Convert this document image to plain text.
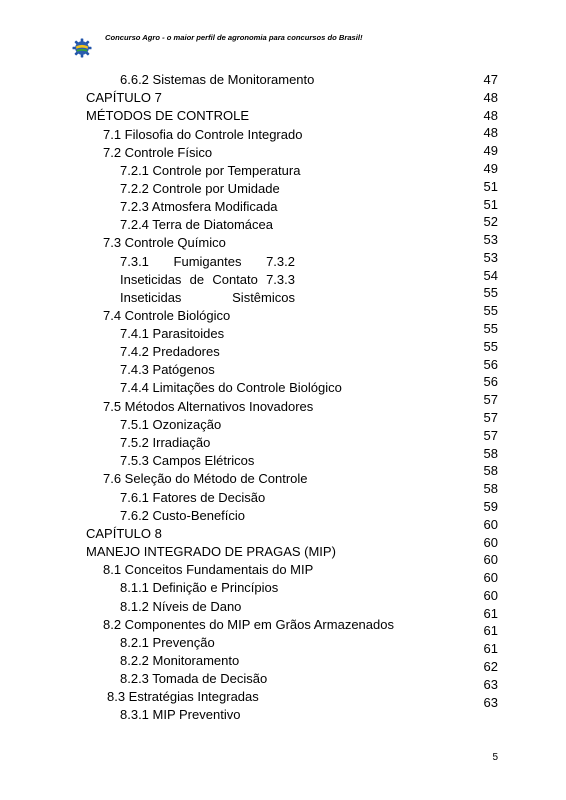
Concurso Agro - o maior perfil de agronomia para concursos do Brasil!
6.6.2 Sistemas de Monitoramento
CAPÍTULO 7
MÉTODOS DE CONTROLE
7.1 Filosofia do Controle Integrado
7.2 Controle Físico
7.2.1 Controle por Temperatura
7.2.2 Controle por Umidade
7.2.3 Atmosfera Modificada
7.2.4 Terra de Diatomácea
7.3 Controle Químico
7.3.1 Fumigantes 7.3.2 Inseticidas de Contato 7.3.3 Inseticidas Sistêmicos
7.4 Controle Biológico
7.4.1 Parasitoides
7.4.2 Predadores
7.4.3 Patógenos
7.4.4 Limitações do Controle Biológico
7.5 Métodos Alternativos Inovadores
7.5.1 Ozonização
7.5.2 Irradiação
7.5.3 Campos Elétricos
7.6 Seleção do Método de Controle
7.6.1 Fatores de Decisão
7.6.2 Custo-Benefício
CAPÍTULO 8
MANEJO INTEGRADO DE PRAGAS (MIP)
8.1 Conceitos Fundamentais do MIP
8.1.1 Definição e Princípios
8.1.2 Níveis de Dano
8.2 Componentes do MIP em Grãos Armazenados
8.2.1 Prevenção
8.2.2 Monitoramento
8.2.3 Tomada de Decisão
8.3 Estratégias Integradas
8.3.1 MIP Preventivo
47
48
48
48
49
49
51
51
52
53
53
54
55
55
55
55
56
56
57
57
57
58
58
58
59
60
60
60
60
60
61
61
61
62
63
63
5
